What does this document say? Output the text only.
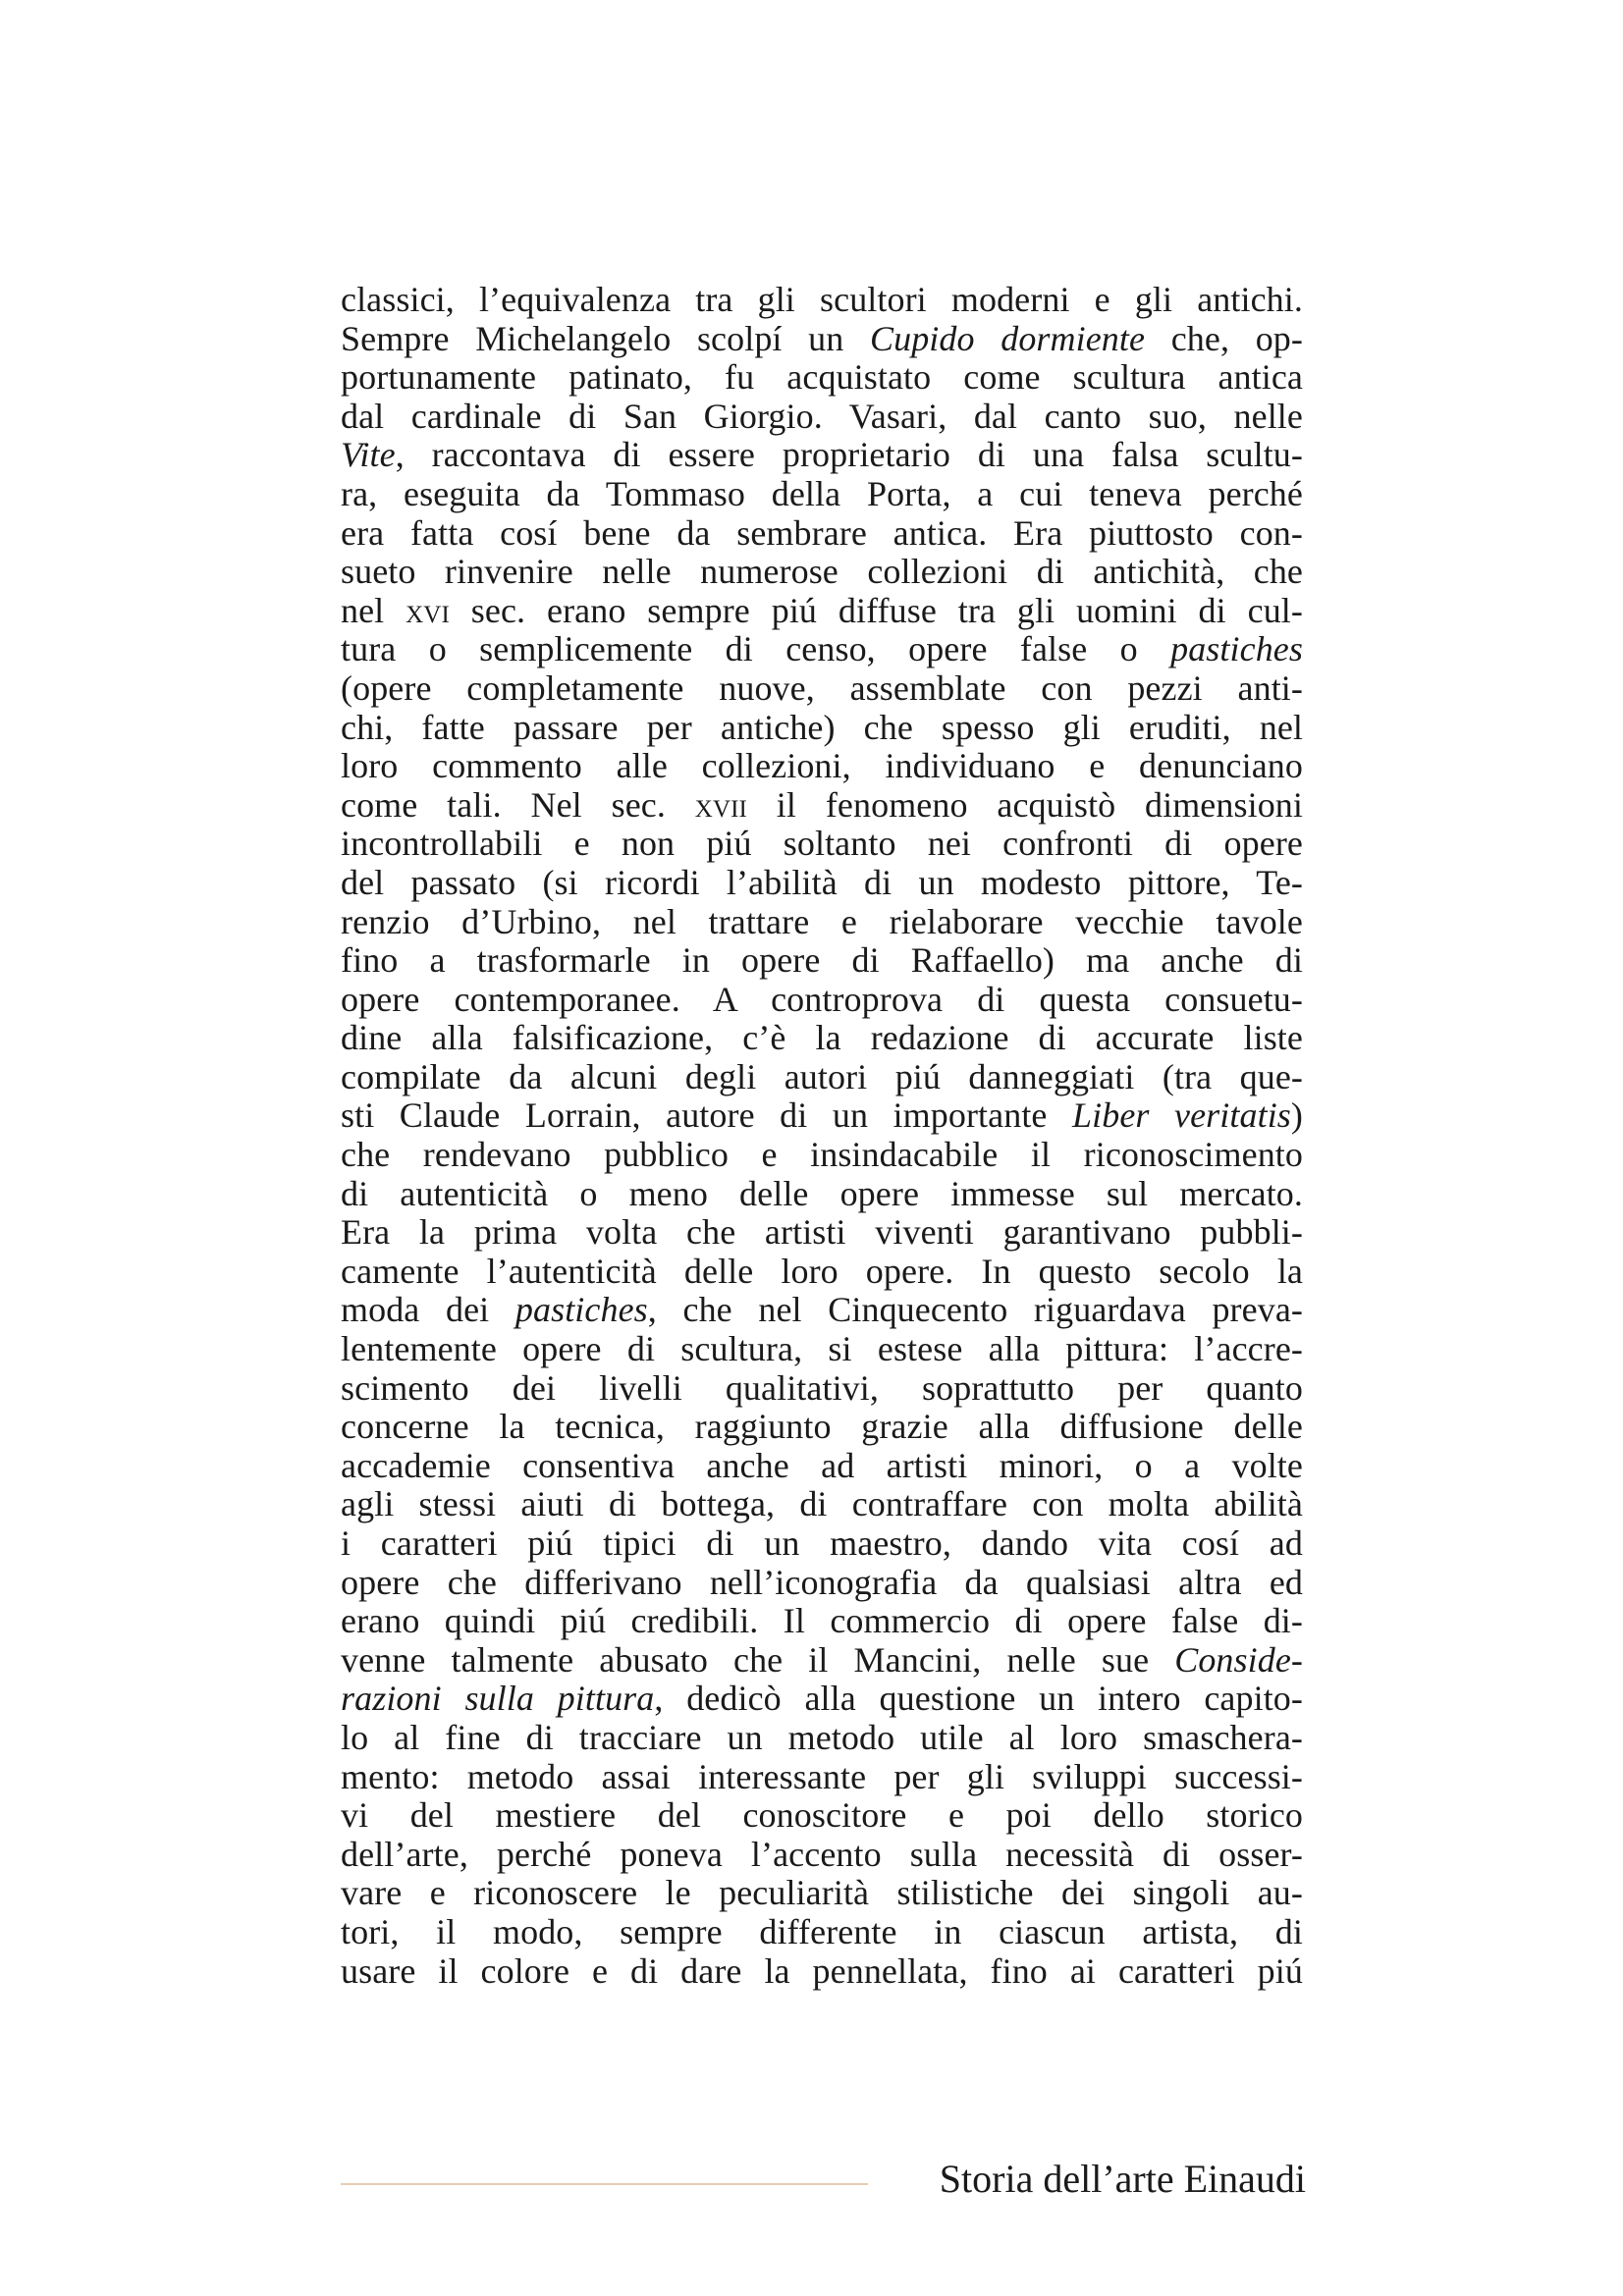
classici, l’equivalenza tra gli scultori moderni e gli antichi.
Sempre Michelangelo scolpí un Cupido dormiente che, op-
portunamente patinato, fu acquistato come scultura antica
dal cardinale di San Giorgio. Vasari, dal canto suo, nelle
Vite, raccontava di essere proprietario di una falsa scultu-
ra, eseguita da Tommaso della Porta, a cui teneva perché
era fatta cosí bene da sembrare antica. Era piuttosto con-
sueto rinvenire nelle numerose collezioni di antichità, che
nel xvi sec. erano sempre piú diffuse tra gli uomini di cul-
tura o semplicemente di censo, opere false o pastiches
(opere completamente nuove, assemblate con pezzi anti-
chi, fatte passare per antiche) che spesso gli eruditi, nel
loro commento alle collezioni, individuano e denunciano
come tali. Nel sec. xvii il fenomeno acquistò dimensioni
incontrollabili e non piú soltanto nei confronti di opere
del passato (si ricordi l’abilità di un modesto pittore, Te-
renzio d’Urbino, nel trattare e rielaborare vecchie tavole
fino a trasformarle in opere di Raffaello) ma anche di
opere contemporanee. A controprova di questa consuetu-
dine alla falsificazione, c’è la redazione di accurate liste
compilate da alcuni degli autori piú danneggiati (tra que-
sti Claude Lorrain, autore di un importante Liber veritatis)
che rendevano pubblico e insindacabile il riconoscimento
di autenticità o meno delle opere immesse sul mercato.
Era la prima volta che artisti viventi garantivano pubbli-
camente l’autenticità delle loro opere. In questo secolo la
moda dei pastiches, che nel Cinquecento riguardava preva-
lentemente opere di scultura, si estese alla pittura: l’accre-
scimento dei livelli qualitativi, soprattutto per quanto
concerne la tecnica, raggiunto grazie alla diffusione delle
accademie consentiva anche ad artisti minori, o a volte
agli stessi aiuti di bottega, di contraffare con molta abilità
i caratteri piú tipici di un maestro, dando vita cosí ad
opere che differivano nell’iconografia da qualsiasi altra ed
erano quindi piú credibili. Il commercio di opere false di-
venne talmente abusato che il Mancini, nelle sue Conside-
razioni sulla pittura, dedicò alla questione un intero capito-
lo al fine di tracciare un metodo utile al loro smaschera-
mento: metodo assai interessante per gli sviluppi successi-
vi del mestiere del conoscitore e poi dello storico
dell’arte, perché poneva l’accento sulla necessità di osser-
vare e riconoscere le peculiarità stilistiche dei singoli au-
tori, il modo, sempre differente in ciascun artista, di
usare il colore e di dare la pennellata, fino ai caratteri piú
Storia dell’arte Einaudi
